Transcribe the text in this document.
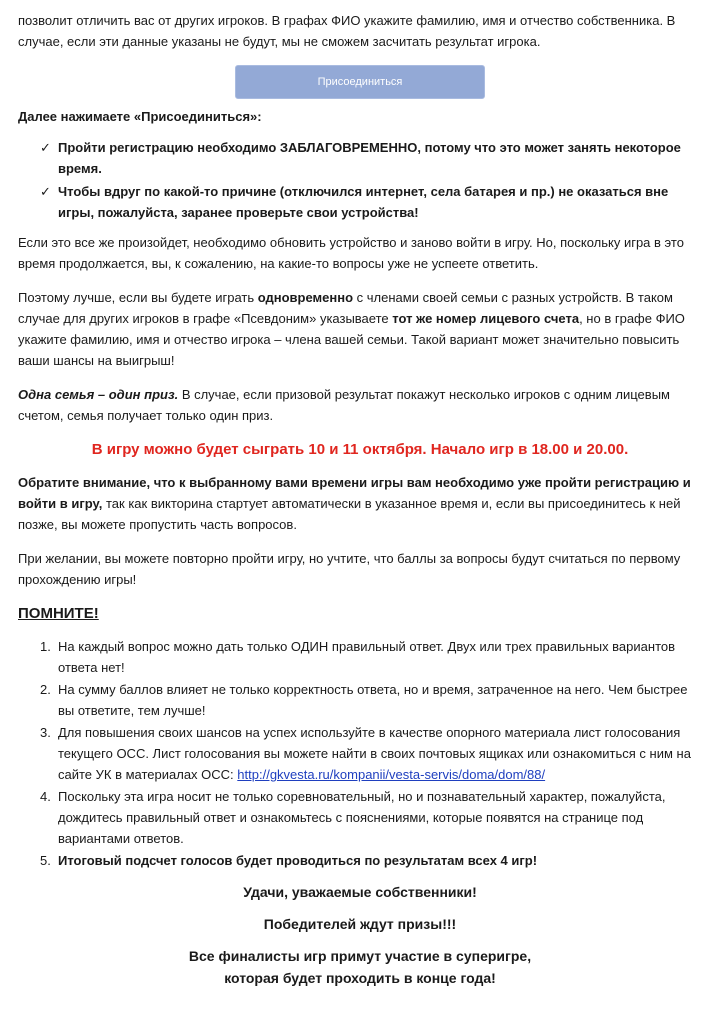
позволит отличить вас от других игроков. В графах ФИО укажите фамилию, имя и отчество собственника. В случае, если эти данные указаны не будут, мы не сможем засчитать результат игрока.

Присоединиться

Далее нажимаете «Присоединиться»:

✓ Пройти регистрацию необходимо ЗАБЛАГОВРЕМЕННО, потому что это может занять некоторое время.
✓ Чтобы вдруг по какой-то причине (отключился интернет, села батарея и пр.) не оказаться вне игры, пожалуйста, заранее проверьте свои устройства!

Если это все же произойдет, необходимо обновить устройство и заново войти в игру. Но, поскольку игра в это время продолжается, вы, к сожалению, на какие-то вопросы уже не успеете ответить.

Поэтому лучше, если вы будете играть одновременно с членами своей семьи с разных устройств. В таком случае для других игроков в графе «Псевдоним» указываете тот же номер лицевого счета, но в графе ФИО укажите фамилию, имя и отчество игрока – члена вашей семьи. Такой вариант может значительно повысить ваши шансы на выигрыш!

Одна семья – один приз. В случае, если призовой результат покажут несколько игроков с одним лицевым счетом, семья получает только один приз.

В игру можно будет сыграть 10 и 11 октября. Начало игр в 18.00 и 20.00.

Обратите внимание, что к выбранному вами времени игры вам необходимо уже пройти регистрацию и войти в игру, так как викторина стартует автоматически в указанное время и, если вы присоединитесь к ней позже, вы можете пропустить часть вопросов.

При желании, вы можете повторно пройти игру, но учтите, что баллы за вопросы будут считаться по первому прохождению игры!

ПОМНИТЕ!

1. На каждый вопрос можно дать только ОДИН правильный ответ. Двух или трех правильных вариантов ответа нет!
2. На сумму баллов влияет не только корректность ответа, но и время, затраченное на него. Чем быстрее вы ответите, тем лучше!
3. Для повышения своих шансов на успех используйте в качестве опорного материала лист голосования текущего ОСС. Лист голосования вы можете найти в своих почтовых ящиках или ознакомиться с ним на сайте УК в материалах ОСС: http://gkvesta.ru/kompanii/vesta-servis/doma/dom/88/
4. Поскольку эта игра носит не только соревновательный, но и познавательный характер, пожалуйста, дождитесь правильный ответ и ознакомьтесь с пояснениями, которые появятся на странице под вариантами ответов.
5. Итоговый подсчет голосов будет проводиться по результатам всех 4 игр!

Удачи, уважаемые собственники!

Победителей ждут призы!!!

Все финалисты игр примут участие в суперигре,

которая будет проходить в конце года!
